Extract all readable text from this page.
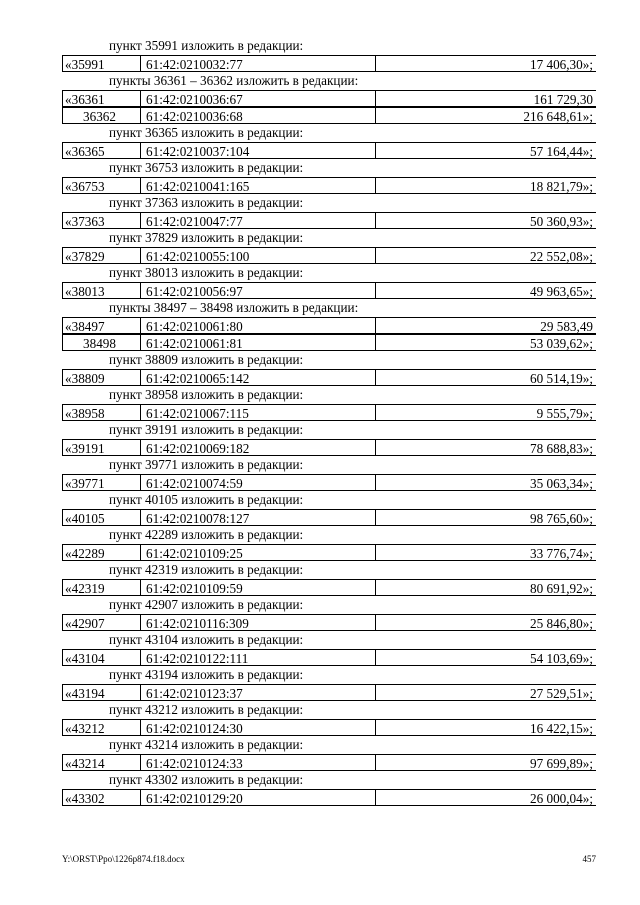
пункт 35991 изложить в редакции:
«35991	61:42:0210032:77	17 406,30»;
пункты 36361 – 36362 изложить в редакции:
«36361	61:42:0210036:67	161 729,30
36362	61:42:0210036:68	216 648,61»;
пункт 36365 изложить в редакции:
«36365	61:42:0210037:104	57 164,44»;
пункт 36753 изложить в редакции:
«36753	61:42:0210041:165	18 821,79»;
пункт 37363 изложить в редакции:
«37363	61:42:0210047:77	50 360,93»;
пункт 37829 изложить в редакции:
«37829	61:42:0210055:100	22 552,08»;
пункт 38013 изложить в редакции:
«38013	61:42:0210056:97	49 963,65»;
пункты 38497 – 38498 изложить в редакции:
«38497	61:42:0210061:80	29 583,49
38498	61:42:0210061:81	53 039,62»;
пункт 38809 изложить в редакции:
«38809	61:42:0210065:142	60 514,19»;
пункт 38958 изложить в редакции:
«38958	61:42:0210067:115	9 555,79»;
пункт 39191 изложить в редакции:
«39191	61:42:0210069:182	78 688,83»;
пункт 39771 изложить в редакции:
«39771	61:42:0210074:59	35 063,34»;
пункт 40105 изложить в редакции:
«40105	61:42:0210078:127	98 765,60»;
пункт 42289 изложить в редакции:
«42289	61:42:0210109:25	33 776,74»;
пункт 42319 изложить в редакции:
«42319	61:42:0210109:59	80 691,92»;
пункт 42907 изложить в редакции:
«42907	61:42:0210116:309	25 846,80»;
пункт 43104 изложить в редакции:
«43104	61:42:0210122:111	54 103,69»;
пункт 43194 изложить в редакции:
«43194	61:42:0210123:37	27 529,51»;
пункт 43212 изложить в редакции:
«43212	61:42:0210124:30	16 422,15»;
пункт 43214 изложить в редакции:
«43214	61:42:0210124:33	97 699,89»;
пункт 43302 изложить в редакции:
«43302	61:42:0210129:20	26 000,04»;
Y:\ORST\Ppo\1226p874.f18.docx	457
